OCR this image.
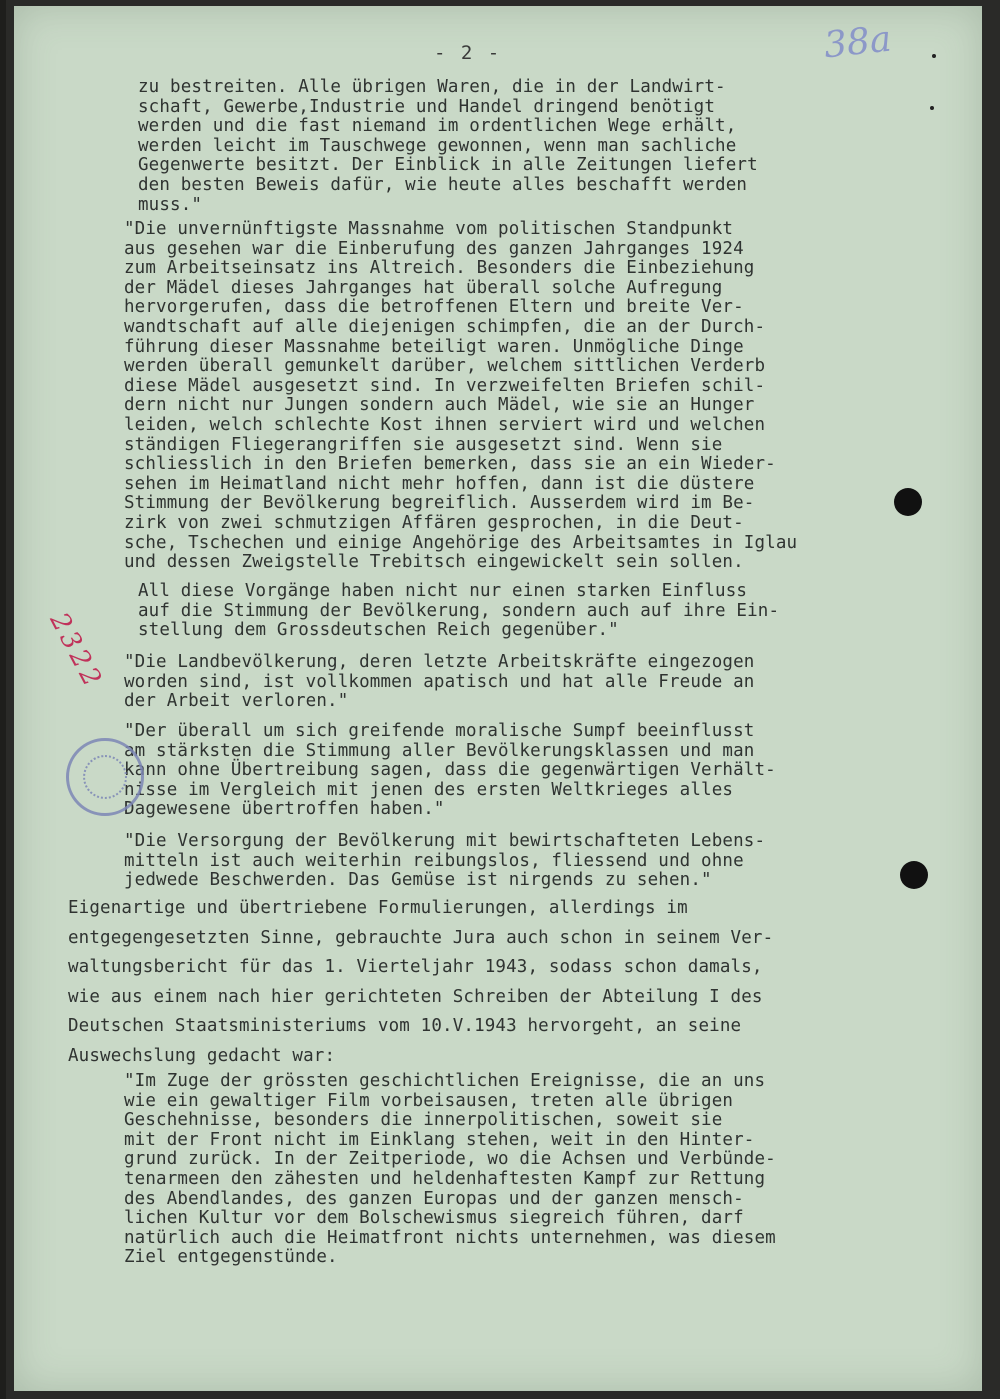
- 2 -	38a
zu bestreiten. Alle übrigen Waren, die in der Landwirt-
schaft, Gewerbe,Industrie und Handel dringend benötigt
werden und die fast niemand im ordentlichen Wege erhält,
werden leicht im Tauschwege gewonnen, wenn man sachliche
Gegenwerte besitzt. Der Einblick in alle Zeitungen liefert
den besten Beweis dafür, wie heute alles beschafft werden
muss."
"Die unvernünftigste Massnahme vom politischen Standpunkt
aus gesehen war die Einberufung des ganzen Jahrganges 1924
zum Arbeitseinsatz ins Altreich. Besonders die Einbeziehung
der Mädel dieses Jahrganges hat überall solche Aufregung
hervorgerufen, dass die betroffenen Eltern und breite Ver-
wandtschaft auf alle diejenigen schimpfen, die an der Durch-
führung dieser Massnahme beteiligt waren. Unmögliche Dinge
werden überall gemunkelt darüber, welchem sittlichen Verderb
diese Mädel ausgesetzt sind. In verzweifelten Briefen schil-
dern nicht nur Jungen sondern auch Mädel, wie sie an Hunger
leiden, welch schlechte Kost ihnen serviert wird und welchen
ständigen Fliegerangriffen sie ausgesetzt sind. Wenn sie
schliesslich in den Briefen bemerken, dass sie an ein Wieder-
sehen im Heimatland nicht mehr hoffen, dann ist die düstere
Stimmung der Bevölkerung begreiflich. Ausserdem wird im Be-
zirk von zwei schmutzigen Affären gesprochen, in die Deut-
sche, Tschechen und einige Angehörige des Arbeitsamtes in Iglau
und dessen Zweigstelle Trebitsch eingewickelt sein sollen.
All diese Vorgänge haben nicht nur einen starken Einfluss
auf die Stimmung der Bevölkerung, sondern auch auf ihre Ein-
stellung dem Grossdeutschen Reich gegenüber."
"Die Landbevölkerung, deren letzte Arbeitskräfte eingezogen
worden sind, ist vollkommen apatisch und hat alle Freude an
der Arbeit verloren."
"Der überall um sich greifende moralische Sumpf beeinflusst
am stärksten die Stimmung aller Bevölkerungsklassen und man
kann ohne Übertreibung sagen, dass die gegenwärtigen Verhält-
nisse im Vergleich mit jenen des ersten Weltkrieges alles
Dagewesene übertroffen haben."
"Die Versorgung der Bevölkerung mit bewirtschafteten Lebens-
mitteln ist auch weiterhin reibungslos, fliessend und ohne
jedwede Beschwerden. Das Gemüse ist nirgends zu sehen."
Eigenartige und übertriebene Formulierungen, allerdings im
entgegengesetzten Sinne, gebrauchte Jura auch schon in seinem Ver-
waltungsbericht für das 1. Vierteljahr 1943, sodass schon damals,
wie aus einem nach hier gerichteten Schreiben der Abteilung I des
Deutschen Staatsministeriums vom 10.V.1943 hervorgeht, an seine
Auswechslung gedacht war:
"Im Zuge der grössten geschichtlichen Ereignisse, die an uns
wie ein gewaltiger Film vorbeisausen, treten alle übrigen
Geschehnisse, besonders die innerpolitischen, soweit sie
mit der Front nicht im Einklang stehen, weit in den Hinter-
grund zurück. In der Zeitperiode, wo die Achsen und Verbünde-
tenarmeen den zähesten und heldenhaftesten Kampf zur Rettung
des Abendlandes, des ganzen Europas und der ganzen mensch-
lichen Kultur vor dem Bolschewismus siegreich führen, darf
natürlich auch die Heimatfront nichts unternehmen, was diesem
Ziel entgegenstünde.
2322
